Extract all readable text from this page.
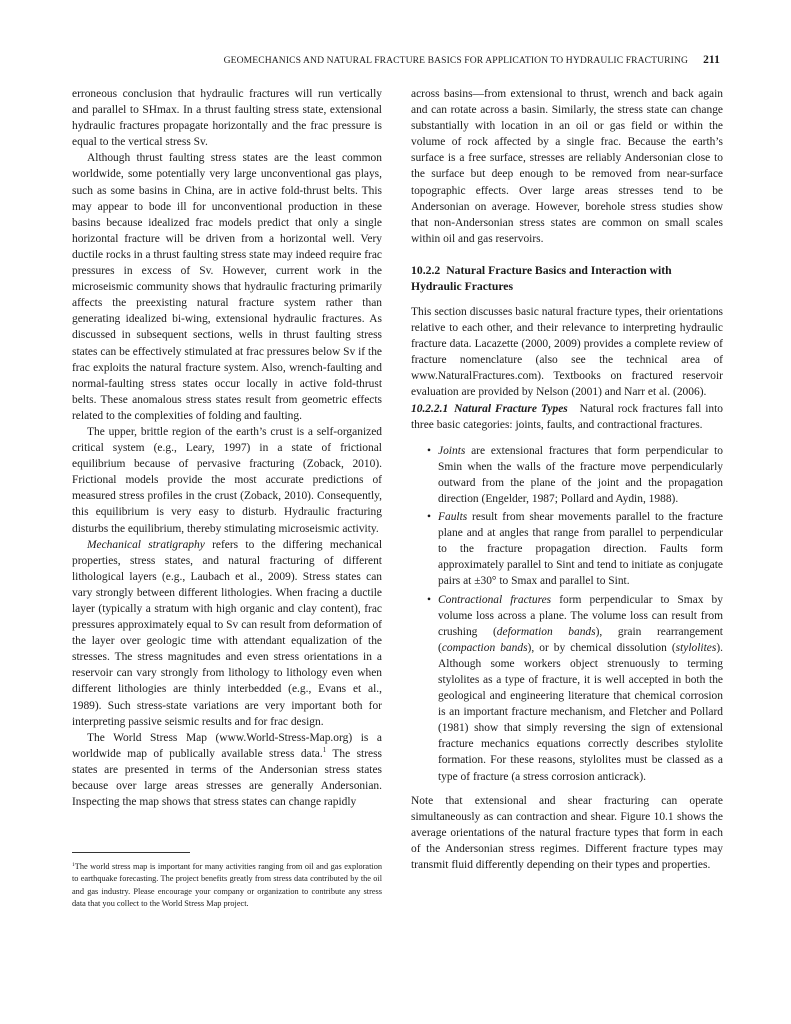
GEOMECHANICS AND NATURAL FRACTURE BASICS FOR APPLICATION TO HYDRAULIC FRACTURING 211

erroneous conclusion that hydraulic fractures will run vertically and parallel to SHmax. In a thrust faulting stress state, extensional hydraulic fractures propagate horizontally and the frac pressure is equal to the vertical stress Sv.

Although thrust faulting stress states are the least common worldwide, some potentially very large unconventional gas plays, such as some basins in China, are in active fold-thrust belts. This may appear to bode ill for unconventional production in these basins because idealized frac models predict that only a single horizontal fracture will be driven from a horizontal well. Very ductile rocks in a thrust faulting stress state may indeed require frac pressures in excess of Sv. However, current work in the microseismic community shows that hydraulic fracturing primarily affects the preexisting natural fracture system rather than generating idealized bi-wing, extensional hydraulic fractures. As discussed in subsequent sections, wells in thrust faulting stress states can be effectively stimulated at frac pressures below Sv if the frac exploits the natural fracture system. Also, wrench-faulting and normal-faulting stress states occur locally in active fold-thrust belts. These anomalous stress states result from geometric effects related to the complexities of folding and faulting.

The upper, brittle region of the earth’s crust is a self-organized critical system (e.g., Leary, 1997) in a state of frictional equilibrium because of pervasive fracturing (Zoback, 2010). Frictional models provide the most accurate predictions of measured stress profiles in the crust (Zoback, 2010). Consequently, this equilibrium is very easy to disturb. Hydraulic fracturing disturbs the equilibrium, thereby stimulating microseismic activity.

Mechanical stratigraphy refers to the differing mechanical properties, stress states, and natural fracturing of different lithological layers (e.g., Laubach et al., 2009). Stress states can vary strongly between different lithologies. When fracing a ductile layer (typically a stratum with high organic and clay content), frac pressures approximately equal to Sv can result from deformation of the layer over geologic time with attendant equalization of the stresses. The stress magnitudes and even stress orientations in a reservoir can vary strongly from lithology to lithology even when different lithologies are thinly interbedded (e.g., Evans et al., 1989). Such stress-state variations are very important both for interpreting passive seismic results and for frac design.

The World Stress Map (www.World-Stress-Map.org) is a worldwide map of publically available stress data.$^1$ The stress states are presented in terms of the Andersonian stress states because over large areas stresses are generally Andersonian. Inspecting the map shows that stress states can change rapidly

$^1$The world stress map is important for many activities ranging from oil and gas exploration to earthquake forecasting. The project benefits greatly from stress data contributed by the oil and gas industry. Please encourage your company or organization to contribute any stress data that you collect to the World Stress Map project.

across basins—from extensional to thrust, wrench and back again and can rotate across a basin. Similarly, the stress state can change substantially with location in an oil or gas field or within the volume of rock affected by a single frac. Because the earth’s surface is a free surface, stresses are reliably Andersonian close to the surface but deep enough to be removed from near-surface topographic effects. Over large areas stresses tend to be Andersonian on average. However, borehole stress studies show that non-Andersonian stress states are common on small scales within oil and gas reservoirs.

10.2.2 Natural Fracture Basics and Interaction with Hydraulic Fractures

This section discusses basic natural fracture types, their orientations relative to each other, and their relevance to interpreting hydraulic fracture data. Lacazette (2000, 2009) provides a complete review of fracture nomenclature (also see the technical area of www.NaturalFractures.com). Textbooks on fractured reservoir evaluation are provided by Nelson (2001) and Narr et al. (2006).

10.2.2.1 Natural Fracture Types Natural rock fractures fall into three basic categories: joints, faults, and contractional fractures.

• Joints are extensional fractures that form perpendicular to Smin when the walls of the fracture move perpendicularly outward from the plane of the joint and the propagation direction (Engelder, 1987; Pollard and Aydin, 1988).
• Faults result from shear movements parallel to the fracture plane and at angles that range from parallel to perpendicular to the fracture propagation direction. Faults form approximately parallel to Sint and tend to initiate as conjugate pairs at ±30° to Smax and parallel to Sint.
• Contractional fractures form perpendicular to Smax by volume loss across a plane. The volume loss can result from crushing (deformation bands), grain rearrangement (compaction bands), or by chemical dissolution (stylolites). Although some workers object strenuously to terming stylolites as a type of fracture, it is well accepted in both the geological and engineering literature that chemical corrosion is an important fracture mechanism, and Fletcher and Pollard (1981) show that simply reversing the sign of extensional fracture mechanics equations correctly describes stylolite formation. For these reasons, stylolites must be classed as a type of fracture (a stress corrosion anticrack).

Note that extensional and shear fracturing can operate simultaneously as can contraction and shear. Figure 10.1 shows the average orientations of the natural fracture types that form in each of the Andersonian stress regimes. Different fracture types may transmit fluid differently depending on their types and properties.
